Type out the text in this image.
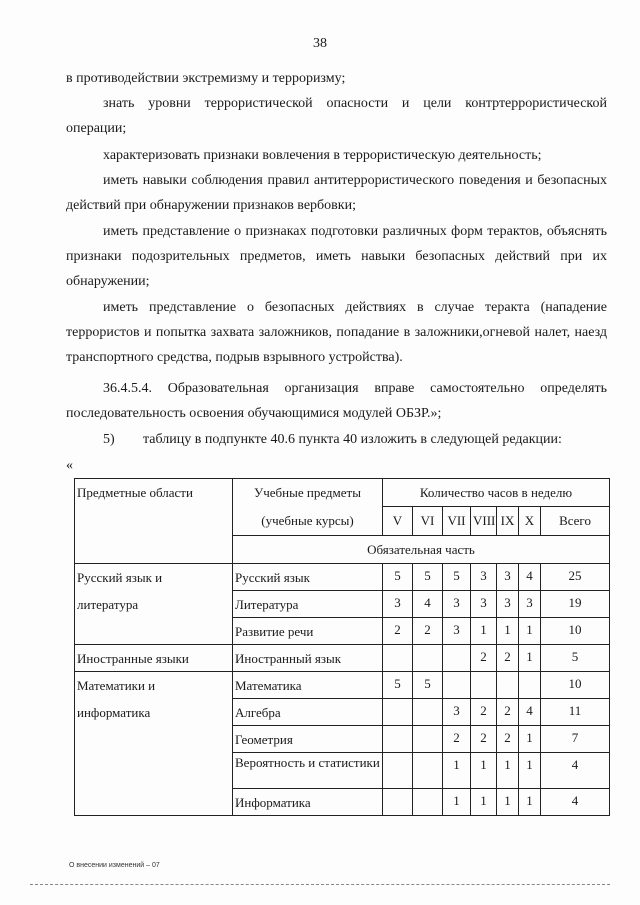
38

в противодействии экстремизму и терроризму;

знать уровни террористической опасности и цели контртеррористической операции;

характеризовать признаки вовлечения в террористическую деятельность;

иметь навыки соблюдения правил антитеррористического поведения и безопасных действий при обнаружении признаков вербовки;

иметь представление о признаках подготовки различных форм терактов, объяснять признаки подозрительных предметов, иметь навыки безопасных действий при их обнаружении;

иметь представление о безопасных действиях в случае теракта (нападение террористов и попытка захвата заложников, попадание в заложники,огневой налет, наезд транспортного средства, подрыв взрывного устройства).

36.4.5.4. Образовательная организация вправе самостоятельно определять последовательность освоения обучающимися модулей ОБЗР.»;

5) таблицу в подпункте 40.6 пункта 40 изложить в следующей редакции:

«
Предметные области	Учебные предметы	Количество часов в неделю						
	(учебные курсы)	V	VI	VII	VIII	IX	X	Всего
	Обязательная часть							

Русский язык и
литература	Русский язык	5	5	5	3	3	4	25
	Литература	3	4	3	3	3	3	19
	Развитие речи	2	2	3	1	1	1	10
Иностранные языки	Иностранный язык				2	2	1	5

Математики и
информатика	Математика	5	5					10
	Алгебра			3	2	2	4	11
	Геометрия			2	2	2	1	7
	Вероятность и статистики			1	1	1	1	4
	Информатика			1	1	1	1	4
О внесении изменений – 07
